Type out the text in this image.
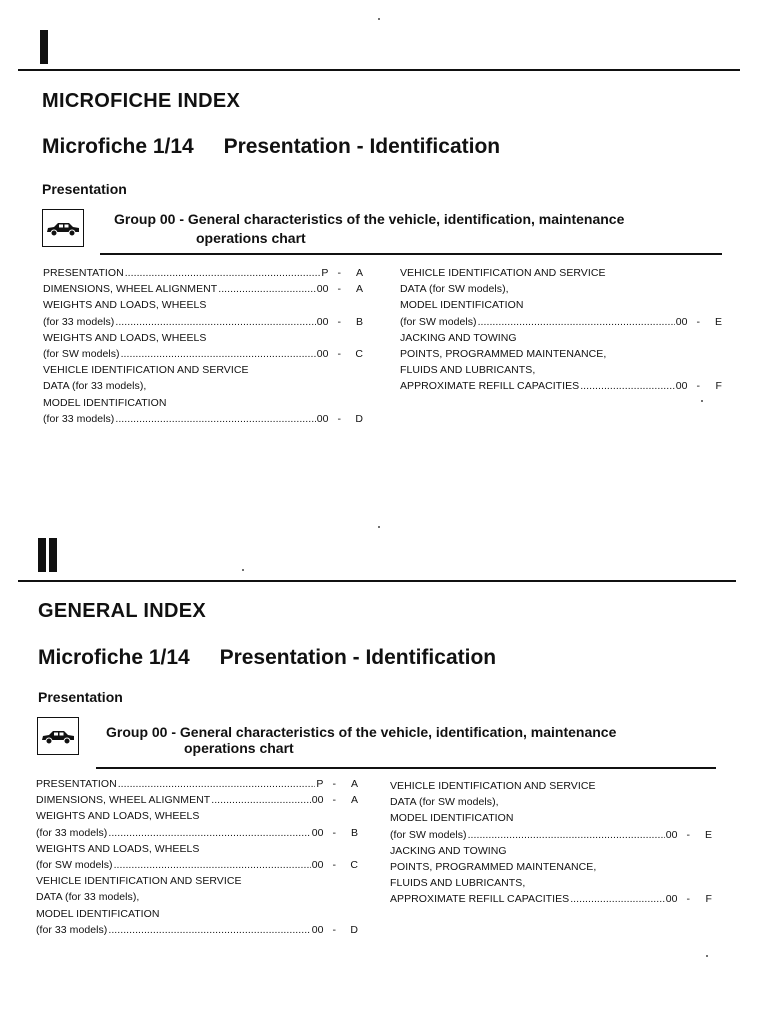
MICROFICHE INDEX
Microfiche 1/14 Presentation - Identification
Presentation
Group 00 - General characteristics of the vehicle, identification, maintenance
operations chart
PRESENTATION .....	P - A
DIMENSIONS, WHEEL ALIGNMENT .....	00 - A
WEIGHTS AND LOADS, WHEELS
(for 33 models) .....	00 - B
WEIGHTS AND LOADS, WHEELS
(for SW models) .....	00 - C
VEHICLE IDENTIFICATION AND SERVICE
DATA (for 33 models),
MODEL IDENTIFICATION
(for 33 models) .....	00 - D
VEHICLE IDENTIFICATION AND SERVICE
DATA (for SW models),
MODEL IDENTIFICATION
(for SW models) .....	00 - E
JACKING AND TOWING
POINTS, PROGRAMMED MAINTENANCE,
FLUIDS AND LUBRICANTS,
APPROXIMATE REFILL CAPACITIES .....	00 - F
GENERAL INDEX
Microfiche 1/14 Presentation - Identification
Presentation
Group 00 - General characteristics of the vehicle, identification, maintenance
operations chart
PRESENTATION .....	P - A
DIMENSIONS, WHEEL ALIGNMENT .....	00 - A
WEIGHTS AND LOADS, WHEELS
(for 33 models) .....	00 - B
WEIGHTS AND LOADS, WHEELS
(for SW models) .....	00 - C
VEHICLE IDENTIFICATION AND SERVICE
DATA (for 33 models),
MODEL IDENTIFICATION
(for 33 models) .....	00 - D
VEHICLE IDENTIFICATION AND SERVICE
DATA (for SW models),
MODEL IDENTIFICATION
(for SW models) .....	00 - E
JACKING AND TOWING
POINTS, PROGRAMMED MAINTENANCE,
FLUIDS AND LUBRICANTS,
APPROXIMATE REFILL CAPACITIES .....	00 - F
